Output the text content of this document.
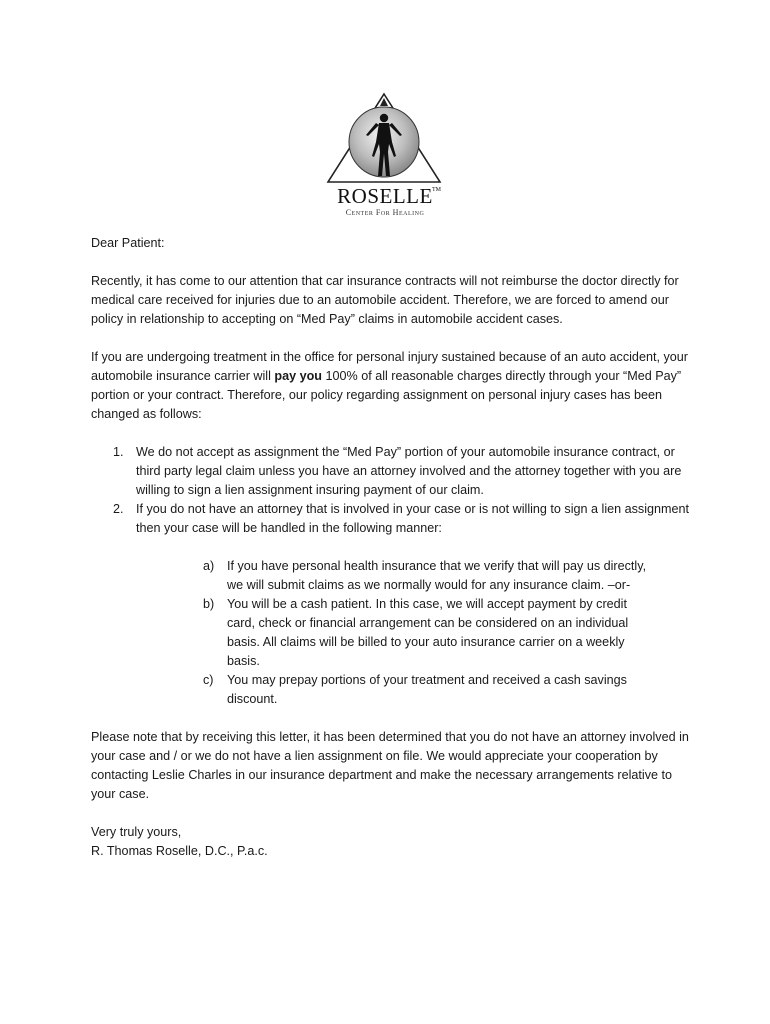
ROSELLE TM
Center For Healing

Dear Patient:

Recently, it has come to our attention that car insurance contracts will not reimburse the doctor directly for medical care received for injuries due to an automobile accident. Therefore, we are forced to amend our policy in relationship to accepting on “Med Pay” claims in automobile accident cases.

If you are undergoing treatment in the office for personal injury sustained because of an auto accident, your automobile insurance carrier will pay you 100% of all reasonable charges directly through your “Med Pay” portion or your contract. Therefore, our policy regarding assignment on personal injury cases has been changed as follows:

1. We do not accept as assignment the “Med Pay” portion of your automobile insurance contract, or third party legal claim unless you have an attorney involved and the attorney together with you are willing to sign a lien assignment insuring payment of our claim.
2. If you do not have an attorney that is involved in your case or is not willing to sign a lien assignment then your case will be handled in the following manner:
a) If you have personal health insurance that we verify that will pay us directly, we will submit claims as we normally would for any insurance claim. –or-
b) You will be a cash patient. In this case, we will accept payment by credit card, check or financial arrangement can be considered on an individual basis. All claims will be billed to your auto insurance carrier on a weekly basis.
c) You may prepay portions of your treatment and received a cash savings discount.

Please note that by receiving this letter, it has been determined that you do not have an attorney involved in your case and / or we do not have a lien assignment on file. We would appreciate your cooperation by contacting Leslie Charles in our insurance department and make the necessary arrangements relative to your case.

Very truly yours,

R. Thomas Roselle, D.C., P.a.c.
